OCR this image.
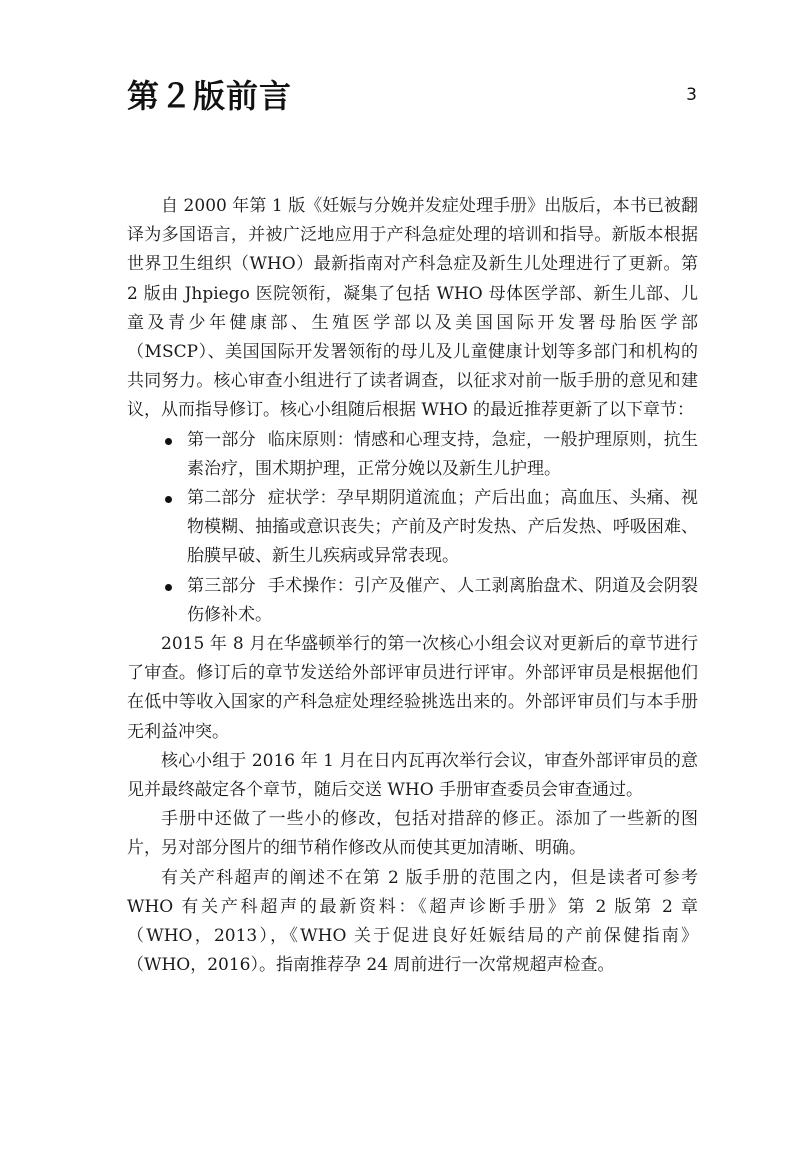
第２版前言	3

自 2000 年第 1 版《妊娠与分娩并发症处理手册》出版后，本书已被翻译为多国语言，并被广泛地应用于产科急症处理的培训和指导。新版本根据世界卫生组织（WHO）最新指南对产科急症及新生儿处理进行了更新。第 2 版由 Jhpiego 医院领衔，凝集了包括 WHO 母体医学部、新生儿部、儿童及青少年健康部、生殖医学部以及美国国际开发署母胎医学部（MSCP）、美国国际开发署领衔的母儿及儿童健康计划等多部门和机构的共同努力。核心审查小组进行了读者调查，以征求对前一版手册的意见和建议，从而指导修订。核心小组随后根据 WHO 的最近推荐更新了以下章节：

第一部分 临床原则：情感和心理支持，急症，一般护理原则，抗生素治疗，围术期护理，正常分娩以及新生儿护理。
第二部分 症状学：孕早期阴道流血；产后出血；高血压、头痛、视物模糊、抽搐或意识丧失；产前及产时发热、产后发热、呼吸困难、胎膜早破、新生儿疾病或异常表现。
第三部分 手术操作：引产及催产、人工剥离胎盘术、阴道及会阴裂伤修补术。

2015 年 8 月在华盛顿举行的第一次核心小组会议对更新后的章节进行了审查。修订后的章节发送给外部评审员进行评审。外部评审员是根据他们在低中等收入国家的产科急症处理经验挑选出来的。外部评审员们与本手册无利益冲突。

核心小组于 2016 年 1 月在日内瓦再次举行会议，审查外部评审员的意见并最终敲定各个章节，随后交送 WHO 手册审查委员会审查通过。

手册中还做了一些小的修改，包括对措辞的修正。添加了一些新的图片，另对部分图片的细节稍作修改从而使其更加清晰、明确。

有关产科超声的阐述不在第 2 版手册的范围之内，但是读者可参考 WHO 有关产科超声的最新资料：《超声诊断手册》第 2 版第 2 章（WHO，2013），《WHO 关于促进良好妊娠结局的产前保健指南》（WHO，2016）。指南推荐孕 24 周前进行一次常规超声检查。
